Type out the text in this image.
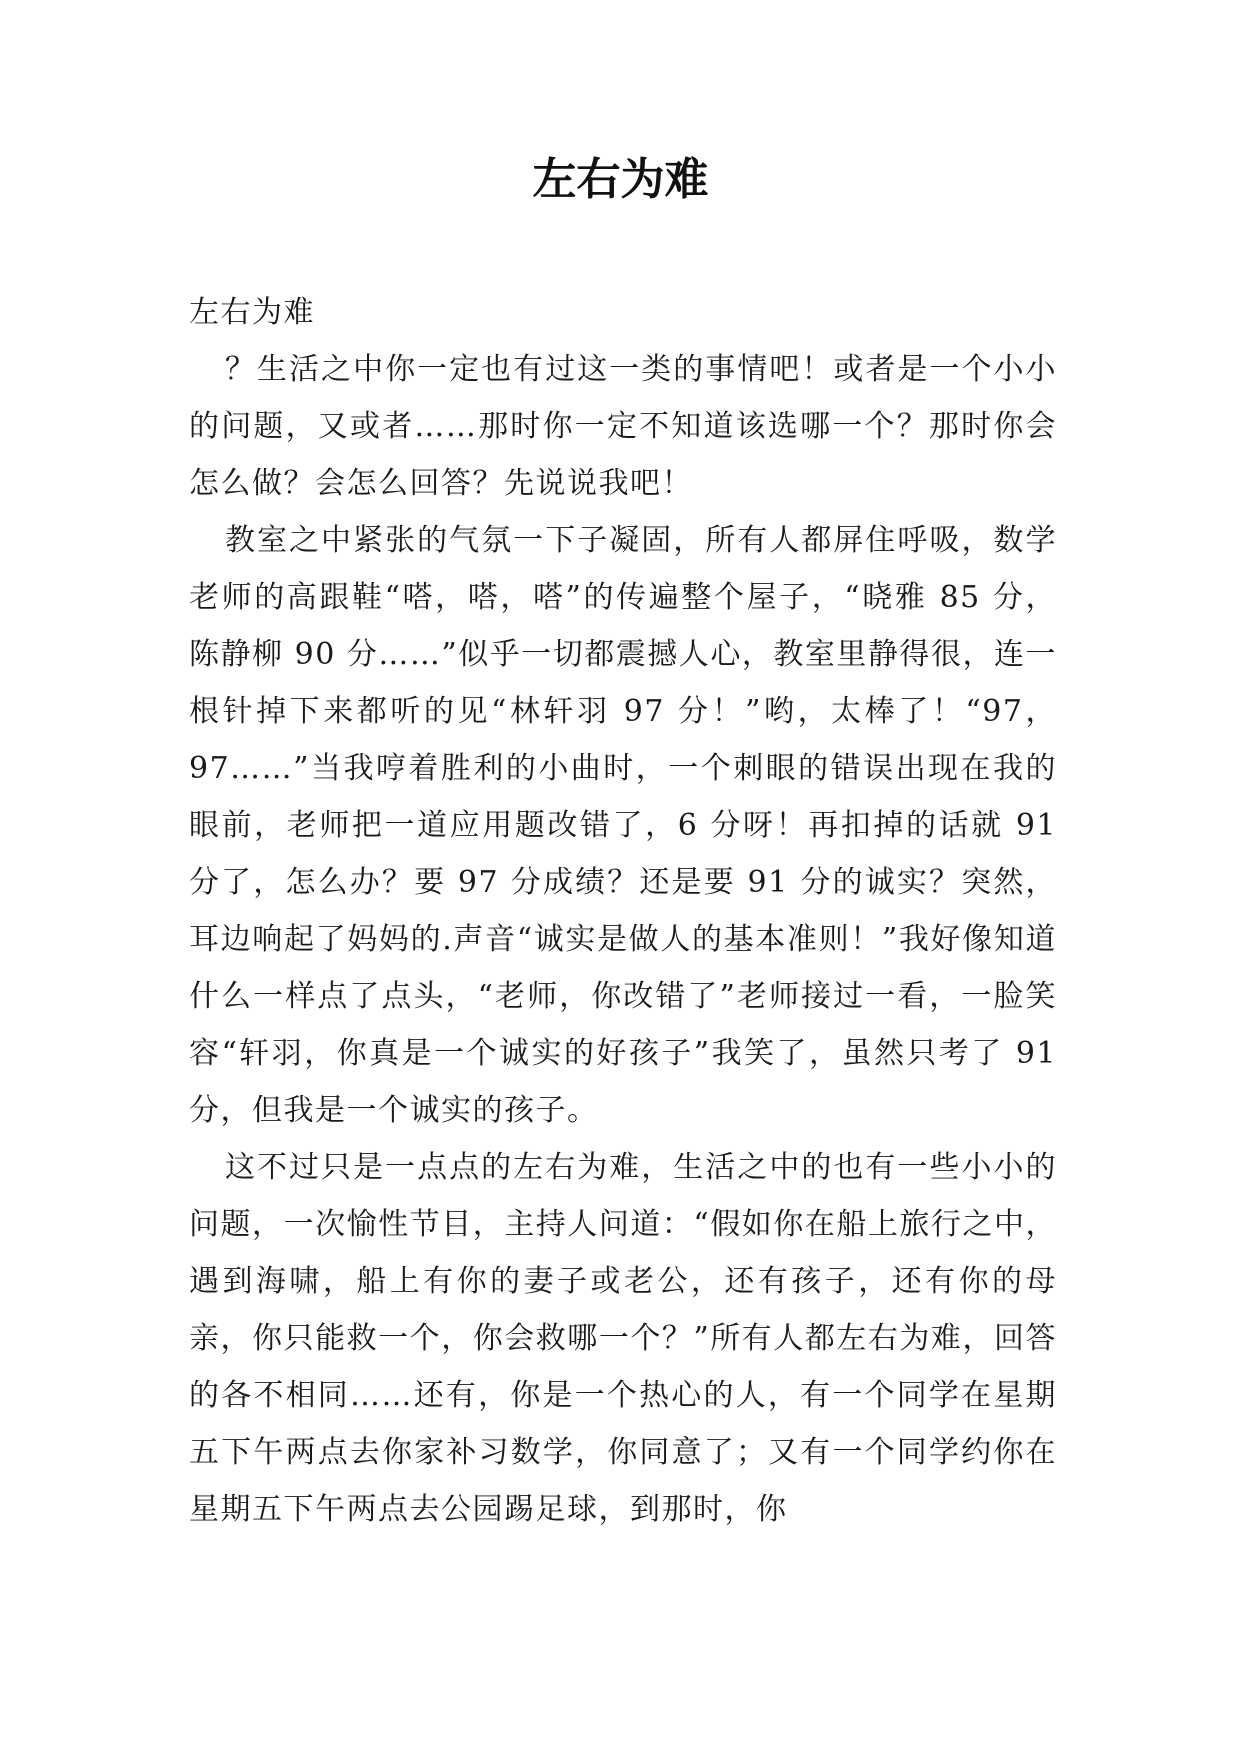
左右为难

左右为难

？生活之中你一定也有过这一类的事情吧！或者是一个小小的问题，又或者……那时你一定不知道该选哪一个？那时你会怎么做？会怎么回答？先说说我吧！

教室之中紧张的气氛一下子凝固，所有人都屏住呼吸，数学老师的高跟鞋“嗒，嗒，嗒”的传遍整个屋子，“晓雅 85 分，陈静柳 90 分……”似乎一切都震撼人心，教室里静得很，连一根针掉下来都听的见“林轩羽 97 分！”哟，太棒了！“97，97……”当我哼着胜利的小曲时，一个刺眼的错误出现在我的眼前，老师把一道应用题改错了，6 分呀！再扣掉的话就 91 分了，怎么办？要 97 分成绩？还是要 91 分的诚实？突然，耳边响起了妈妈的.声音“诚实是做人的基本准则！”我好像知道什么一样点了点头，“老师，你改错了”老师接过一看，一脸笑容“轩羽，你真是一个诚实的好孩子”我笑了，虽然只考了 91 分，但我是一个诚实的孩子。

这不过只是一点点的左右为难，生活之中的也有一些小小的问题，一次愉性节目，主持人问道：“假如你在船上旅行之中，遇到海啸，船上有你的妻子或老公，还有孩子，还有你的母亲，你只能救一个，你会救哪一个？”所有人都左右为难，回答的各不相同……还有，你是一个热心的人，有一个同学在星期五下午两点去你家补习数学，你同意了；又有一个同学约你在星期五下午两点去公园踢足球，到那时，你
